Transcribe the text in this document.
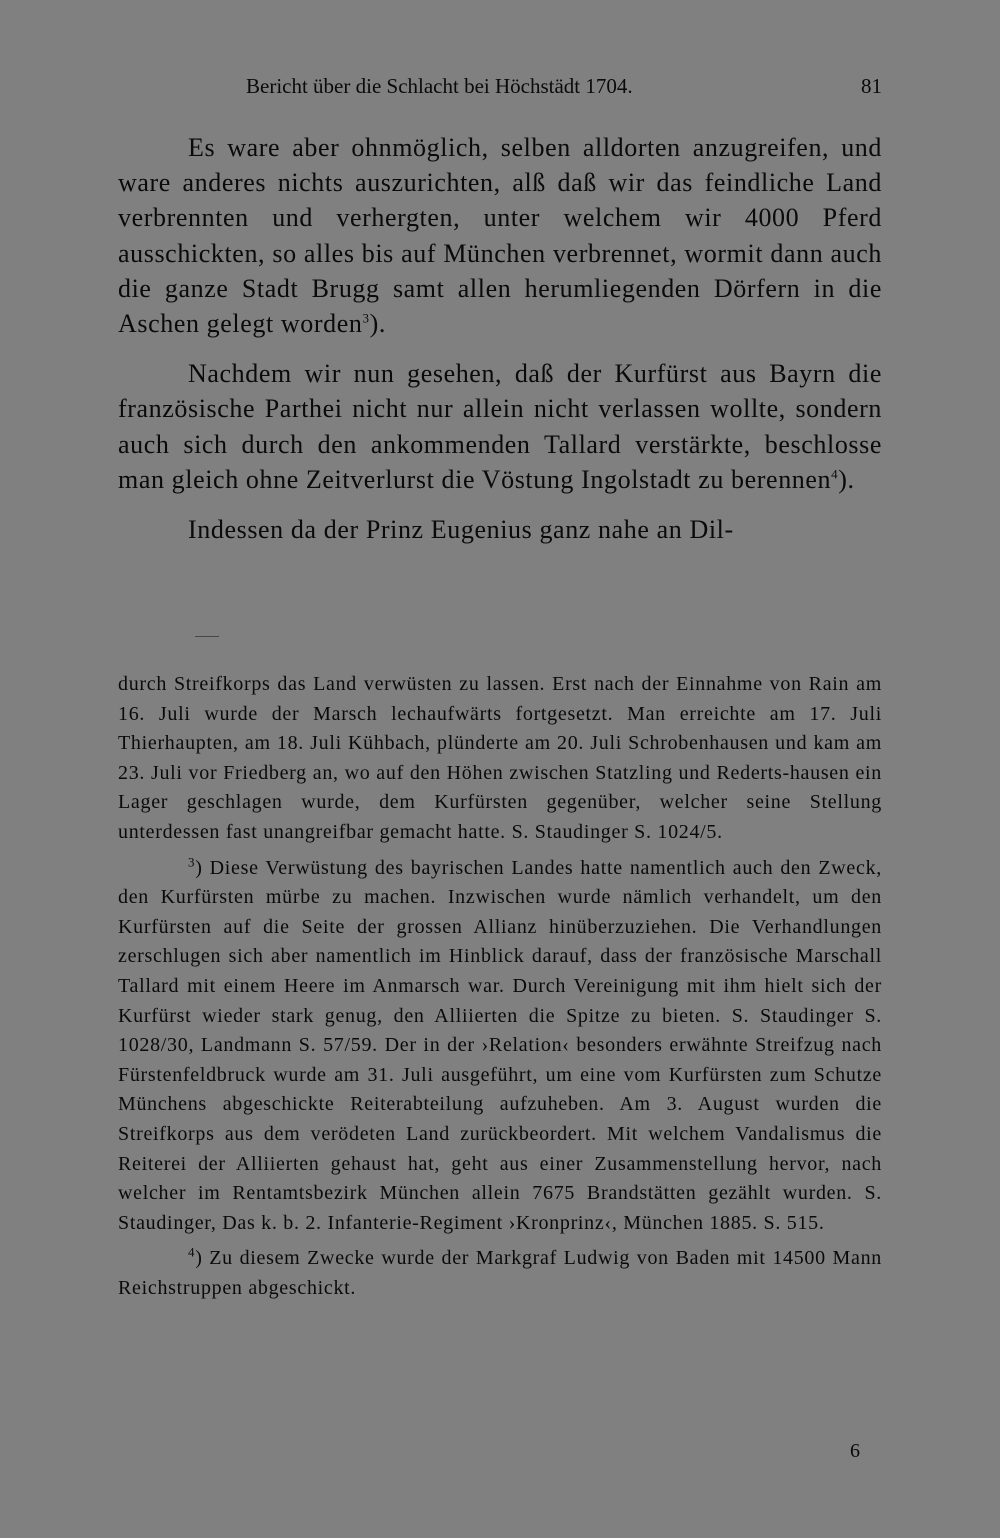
Bericht über die Schlacht bei Höchstädt 1704.	81

Es ware aber ohnmöglich, selben alldorten anzugreifen, und ware anderes nichts auszurichten, alß daß wir das feindliche Land verbrennten und verhergten, unter welchem wir 4000 Pferd ausschickten, so alles bis auf München verbrennet, wormit dann auch die ganze Stadt Brugg samt allen herumliegenden Dörfern in die Aschen gelegt worden$^3$).

Nachdem wir nun gesehen, daß der Kurfürst aus Bayrn die französische Parthei nicht nur allein nicht verlassen wollte, sondern auch sich durch den ankommenden Tallard verstärkte, beschlosse man gleich ohne Zeitverlurst die Vöstung Ingolstadt zu berennen$^4$).

Indessen da der Prinz Eugenius ganz nahe an Dil-

durch Streifkorps das Land verwüsten zu lassen. Erst nach der Einnahme von Rain am 16. Juli wurde der Marsch lechaufwärts fortgesetzt. Man erreichte am 17. Juli Thierhaupten, am 18. Juli Kühbach, plünderte am 20. Juli Schrobenhausen und kam am 23. Juli vor Friedberg an, wo auf den Höhen zwischen Statzling und Rederts-hausen ein Lager geschlagen wurde, dem Kurfürsten gegenüber, welcher seine Stellung unterdessen fast unangreifbar gemacht hatte. S. Staudinger S. 1024/5.

$^3$) Diese Verwüstung des bayrischen Landes hatte namentlich auch den Zweck, den Kurfürsten mürbe zu machen. Inzwischen wurde nämlich verhandelt, um den Kurfürsten auf die Seite der grossen Allianz hinüberzuziehen. Die Verhandlungen zerschlugen sich aber namentlich im Hinblick darauf, dass der französische Marschall Tallard mit einem Heere im Anmarsch war. Durch Vereinigung mit ihm hielt sich der Kurfürst wieder stark genug, den Alliierten die Spitze zu bieten. S. Staudinger S. 1028/30, Landmann S. 57/59. Der in der ›Relation‹ besonders erwähnte Streifzug nach Fürstenfeldbruck wurde am 31. Juli ausgeführt, um eine vom Kurfürsten zum Schutze Münchens abgeschickte Reiterabteilung aufzuheben. Am 3. August wurden die Streifkorps aus dem verödeten Land zurückbeordert. Mit welchem Vandalismus die Reiterei der Alliierten gehaust hat, geht aus einer Zusammenstellung hervor, nach welcher im Rentamtsbezirk München allein 7675 Brandstätten gezählt wurden. S. Staudinger, Das k. b. 2. Infanterie-Regiment ›Kronprinz‹, München 1885. S. 515.

$^4$) Zu diesem Zwecke wurde der Markgraf Ludwig von Baden mit 14500 Mann Reichstruppen abgeschickt.

6
